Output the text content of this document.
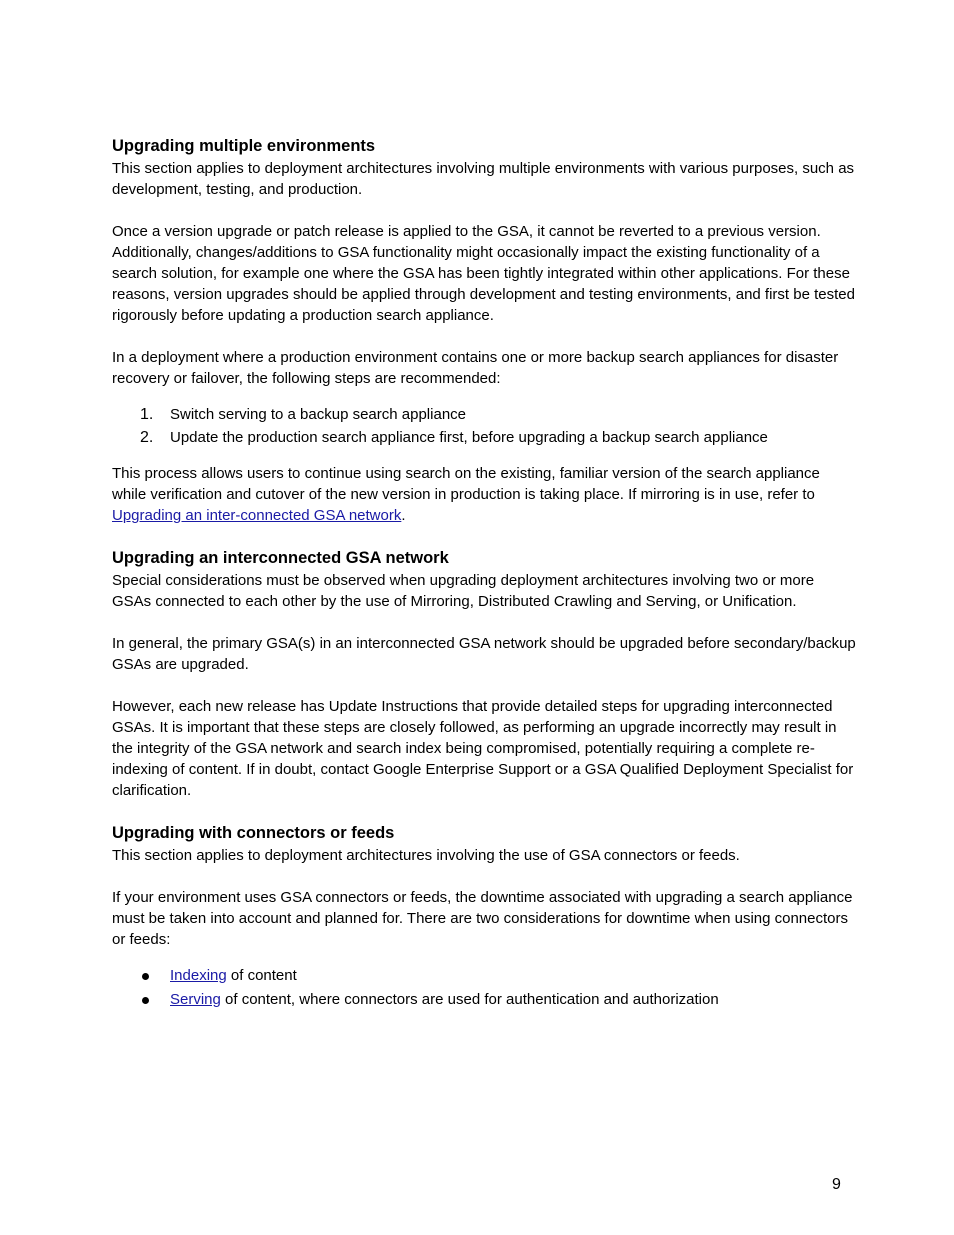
Upgrading multiple environments

This section applies to deployment architectures involving multiple environments with various purposes, such as development, testing, and production.

Once a version upgrade or patch release is applied to the GSA, it cannot be reverted to a previous version. Additionally, changes/additions to GSA functionality might occasionally impact the existing functionality of a search solution, for example one where the GSA has been tightly integrated within other applications. For these reasons, version upgrades should be applied through development and testing environments, and first be tested rigorously before updating a production search appliance.

In a deployment where a production environment contains one or more backup search appliances for disaster recovery or failover, the following steps are recommended:

1. Switch serving to a backup search appliance
2. Update the production search appliance first, before upgrading a backup search appliance

This process allows users to continue using search on the existing, familiar version of the search appliance while verification and cutover of the new version in production is taking place. If mirroring is in use, refer to Upgrading an inter-connected GSA network.

Upgrading an interconnected GSA network

Special considerations must be observed when upgrading deployment architectures involving two or more GSAs connected to each other by the use of Mirroring, Distributed Crawling and Serving, or Unification.

In general, the primary GSA(s) in an interconnected GSA network should be upgraded before secondary/backup GSAs are upgraded.

However, each new release has Update Instructions that provide detailed steps for upgrading interconnected GSAs. It is important that these steps are closely followed, as performing an upgrade incorrectly may result in the integrity of the GSA network and search index being compromised, potentially requiring a complete re-indexing of content. If in doubt, contact Google Enterprise Support or a GSA Qualified Deployment Specialist for clarification.

Upgrading with connectors or feeds

This section applies to deployment architectures involving the use of GSA connectors or feeds.

If your environment uses GSA connectors or feeds, the downtime associated with upgrading a search appliance must be taken into account and planned for. There are two considerations for downtime when using connectors or feeds:

Indexing of content
Serving of content, where connectors are used for authentication and authorization
9
